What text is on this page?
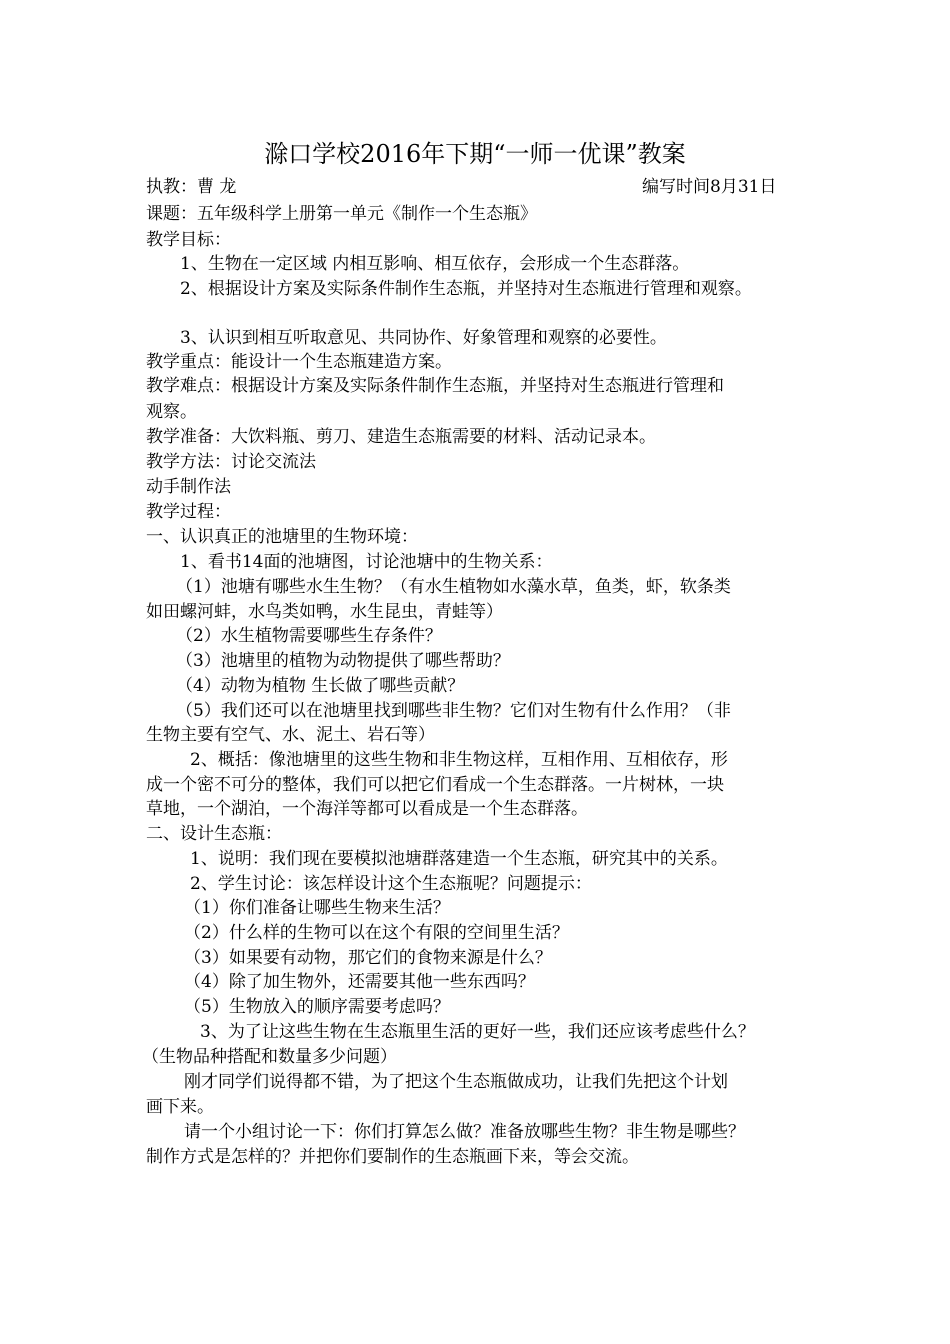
滁口学校2016年下期“一师一优课”教案
执教：曹 龙	编写时间8月31日
课题：五年级科学上册第一单元《制作一个生态瓶》
教学目标：
1、生物在一定区域 内相互影响、相互依存，会形成一个生态群落。
2、根据设计方案及实际条件制作生态瓶，并坚持对生态瓶进行管理和观察。
3、认识到相互听取意见、共同协作、好象管理和观察的必要性。
教学重点：能设计一个生态瓶建造方案。
教学难点：根据设计方案及实际条件制作生态瓶，并坚持对生态瓶进行管理和
观察。
教学准备：大饮料瓶、剪刀、建造生态瓶需要的材料、活动记录本。
教学方法：讨论交流法
动手制作法
教学过程：
一、认识真正的池塘里的生物环境：
1、看书14面的池塘图，讨论池塘中的生物关系：
（1）池塘有哪些水生生物？（有水生植物如水藻水草，鱼类，虾，软条类
如田螺河蚌，水鸟类如鸭，水生昆虫，青蛙等）
（2）水生植物需要哪些生存条件？
（3）池塘里的植物为动物提供了哪些帮助？
（4）动物为植物 生长做了哪些贡献？
（5）我们还可以在池塘里找到哪些非生物？它们对生物有什么作用？（非
生物主要有空气、水、泥土、岩石等）
2、概括：像池塘里的这些生物和非生物这样，互相作用、互相依存，形
成一个密不可分的整体，我们可以把它们看成一个生态群落。一片树林，一块
草地，一个湖泊，一个海洋等都可以看成是一个生态群落。
二、设计生态瓶：
1、说明：我们现在要模拟池塘群落建造一个生态瓶，研究其中的关系。
2、学生讨论：该怎样设计这个生态瓶呢？问题提示：
（1）你们准备让哪些生物来生活？
（2）什么样的生物可以在这个有限的空间里生活？
（3）如果要有动物，那它们的食物来源是什么？
（4）除了加生物外，还需要其他一些东西吗？
（5）生物放入的顺序需要考虑吗？
3、为了让这些生物在生态瓶里生活的更好一些，我们还应该考虑些什么？
（生物品种搭配和数量多少问题）
刚才同学们说得都不错，为了把这个生态瓶做成功，让我们先把这个计划
画下来。
请一个小组讨论一下：你们打算怎么做？准备放哪些生物？非生物是哪些？
制作方式是怎样的？并把你们要制作的生态瓶画下来，等会交流。
